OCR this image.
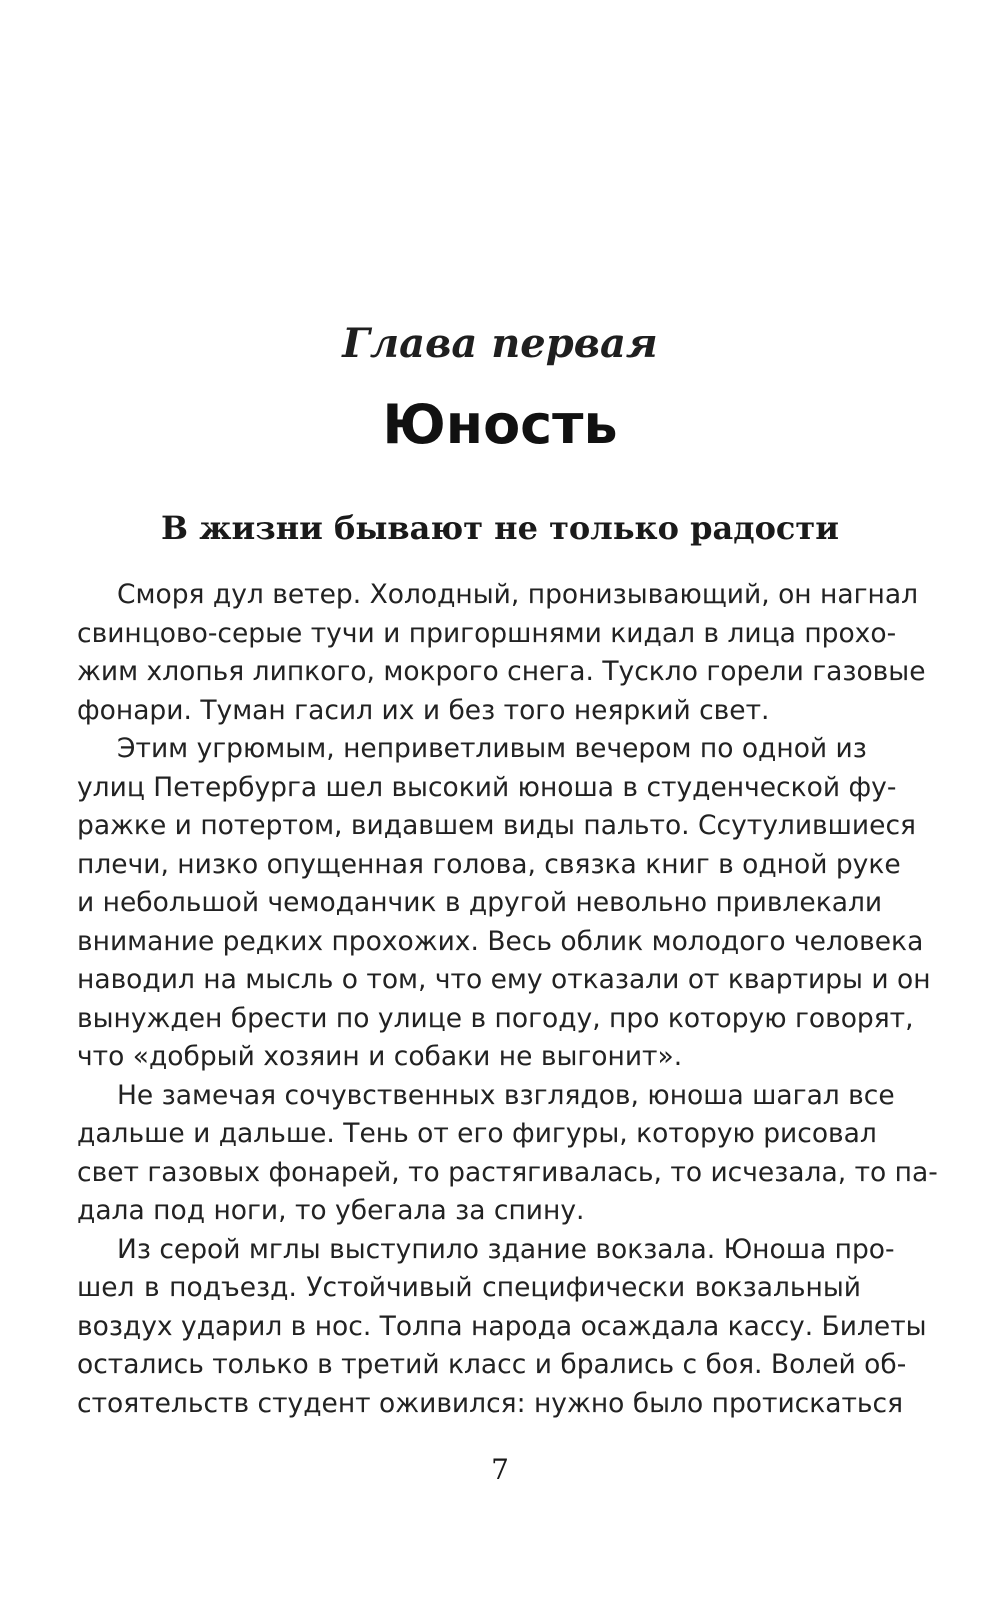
Глава первая
Юность
В жизни бывают не только радости
Сморя дул ветер. Холодный, пронизывающий, он нагнал
свинцово-серые тучи и пригоршнями кидал в лица прохо-
жим хлопья липкого, мокрого снега. Тускло горели газовые
фонари. Туман гасил их и без того неяркий свет.
Этим угрюмым, неприветливым вечером по одной из
улиц Петербурга шел высокий юноша в студенческой фу-
ражке и потертом, видавшем виды пальто. Ссутулившиеся
плечи, низко опущенная голова, связка книг в одной руке
и небольшой чемоданчик в другой невольно привлекали
внимание редких прохожих. Весь облик молодого человека
наводил на мысль о том, что ему отказали от квартиры и он
вынужден брести по улице в погоду, про которую говорят,
что «добрый хозяин и собаки не выгонит».
Не замечая сочувственных взглядов, юноша шагал все
дальше и дальше. Тень от его фигуры, которую рисовал
свет газовых фонарей, то растягивалась, то исчезала, то па-
дала под ноги, то убегала за спину.
Из серой мглы выступило здание вокзала. Юноша про-
шел в подъезд. Устойчивый специфически вокзальный
воздух ударил в нос. Толпа народа осаждала кассу. Билеты
остались только в третий класс и брались с боя. Волей об-
стоятельств студент оживился: нужно было протискаться
7
